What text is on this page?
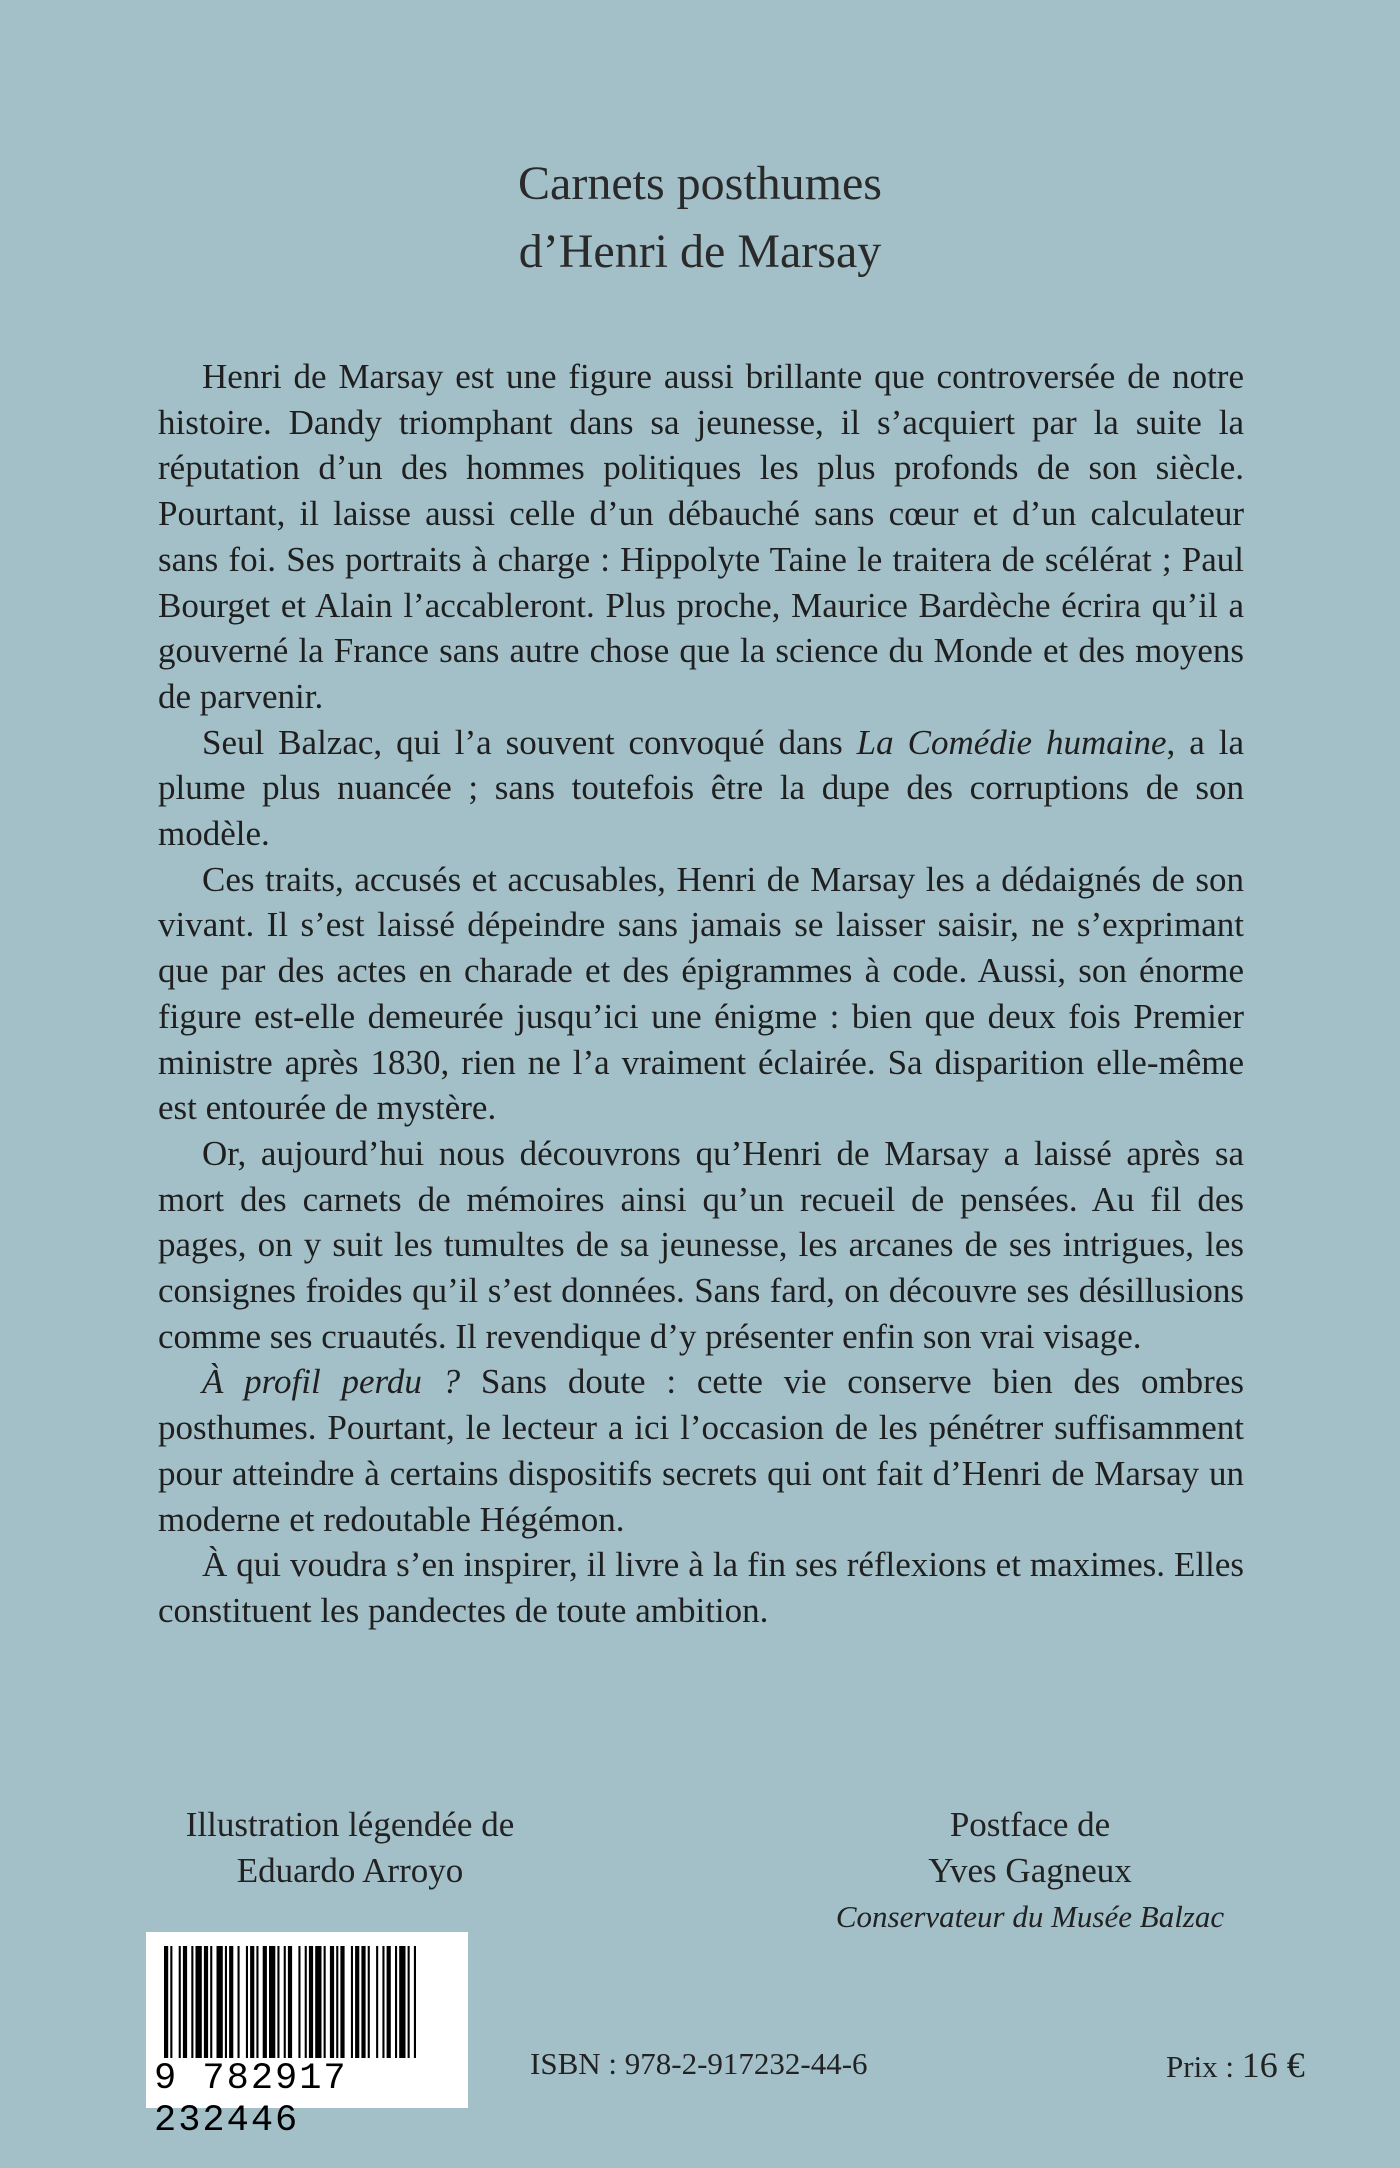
Carnets posthumes
d’Henri de Marsay

Henri de Marsay est une figure aussi brillante que controversée de notre histoire. Dandy triomphant dans sa jeunesse, il s’acquiert par la suite la réputation d’un des hommes politiques les plus profonds de son siècle. Pourtant, il laisse aussi celle d’un débauché sans cœur et d’un calculateur sans foi. Ses portraits à charge : Hippolyte Taine le traitera de scélérat ; Paul Bourget et Alain l’accableront. Plus proche, Maurice Bardèche écrira qu’il a gouverné la France sans autre chose que la science du Monde et des moyens de parvenir.

Seul Balzac, qui l’a souvent convoqué dans La Comédie humaine, a la plume plus nuancée ; sans toutefois être la dupe des corruptions de son modèle.

Ces traits, accusés et accusables, Henri de Marsay les a dédaignés de son vivant. Il s’est laissé dépeindre sans jamais se laisser saisir, ne s’exprimant que par des actes en charade et des épigrammes à code. Aussi, son énorme figure est-elle demeurée jusqu’ici une énigme : bien que deux fois Premier ministre après 1830, rien ne l’a vraiment éclairée. Sa disparition elle-même est entourée de mystère.

Or, aujourd’hui nous découvrons qu’Henri de Marsay a laissé après sa mort des carnets de mémoires ainsi qu’un recueil de pensées. Au fil des pages, on y suit les tumultes de sa jeunesse, les arcanes de ses intrigues, les consignes froides qu’il s’est données. Sans fard, on découvre ses désillusions comme ses cruautés. Il revendique d’y présenter enfin son vrai visage.

À profil perdu ? Sans doute : cette vie conserve bien des ombres posthumes. Pourtant, le lecteur a ici l’occasion de les pénétrer suffisamment pour atteindre à certains dispositifs secrets qui ont fait d’Henri de Marsay un moderne et redoutable Hégémon.

À qui voudra s’en inspirer, il livre à la fin ses réflexions et maximes. Elles constituent les pandectes de toute ambition.

Illustration légendée de
Eduardo Arroyo
Postface de
Yves Gagneux
Conservateur du Musée Balzac
9 782917 232446
ISBN : 978-2-917232-44-6	Prix : 16 €
